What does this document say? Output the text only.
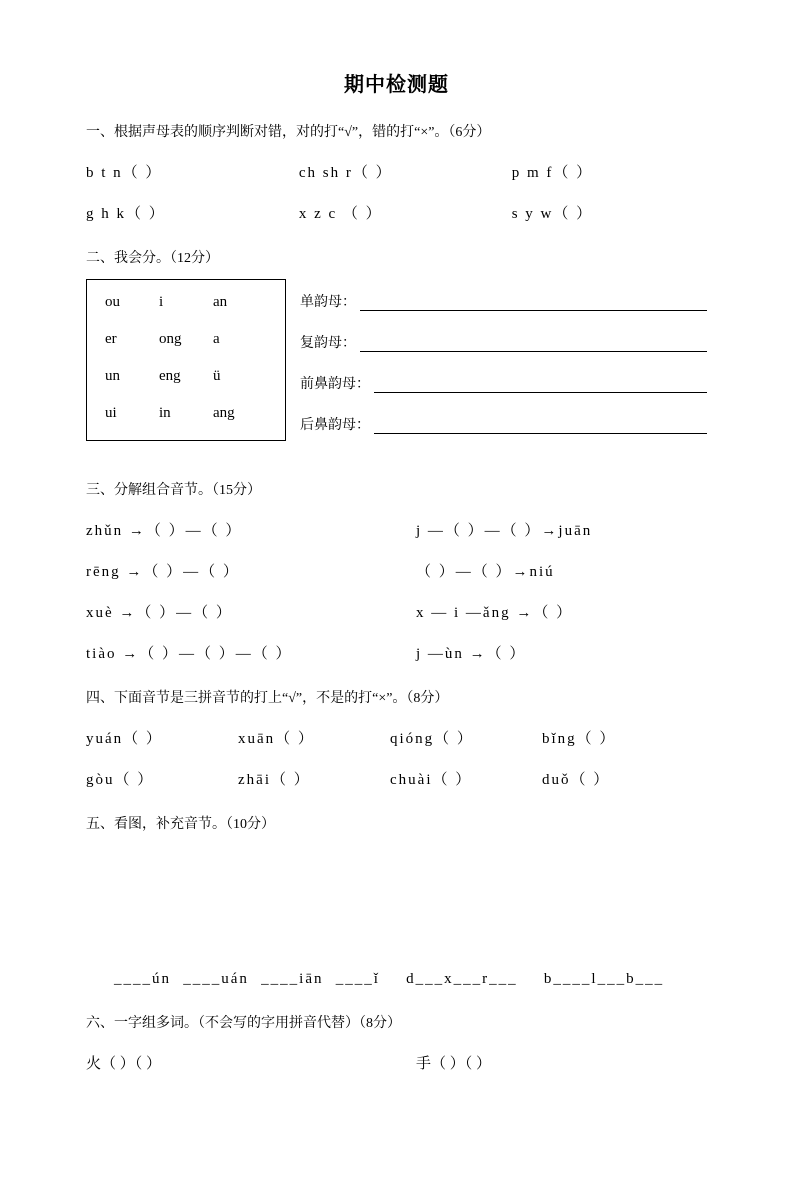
期中检测题
一、根据声母表的顺序判断对错，对的打“√”，错的打“×”。（6分）
b t n（ ）	ch sh r（ ）	p m f（ ）
g h k（ ）	x z c （ ）	s y w（ ）
二、我会分。（12分）
ou	i	an
er	ong	a
un	eng	ü
ui	in	ang
单韵母：
复韵母：
前鼻韵母：
后鼻韵母：
三、分解组合音节。（15分）
zhǔn →（ ）—（ ）	j —（ ）—（ ）→juān
rēng →（ ）—（ ）	（ ）—（ ）→niú
xuè →（ ）—（ ）	x — i —ǎng →（ ）
tiào →（ ）—（ ）—（ ）	j —ùn →（ ）
四、下面音节是三拼音节的打上“√”，不是的打“×”。（8分）
yuán（ ）	xuān（ ）	qióng（ ）	bǐng（ ）
gòu（ ）	zhāi（ ）	chuài（ ）	duǒ（ ）
五、看图，补充音节。（10分）
____ún ____uán ____iān ____ǐ d___x___r___ b____l___b___
六、一字组多词。（不会写的字用拼音代替）（8分）
火（ ）（ ）	手（ ）（ ）
